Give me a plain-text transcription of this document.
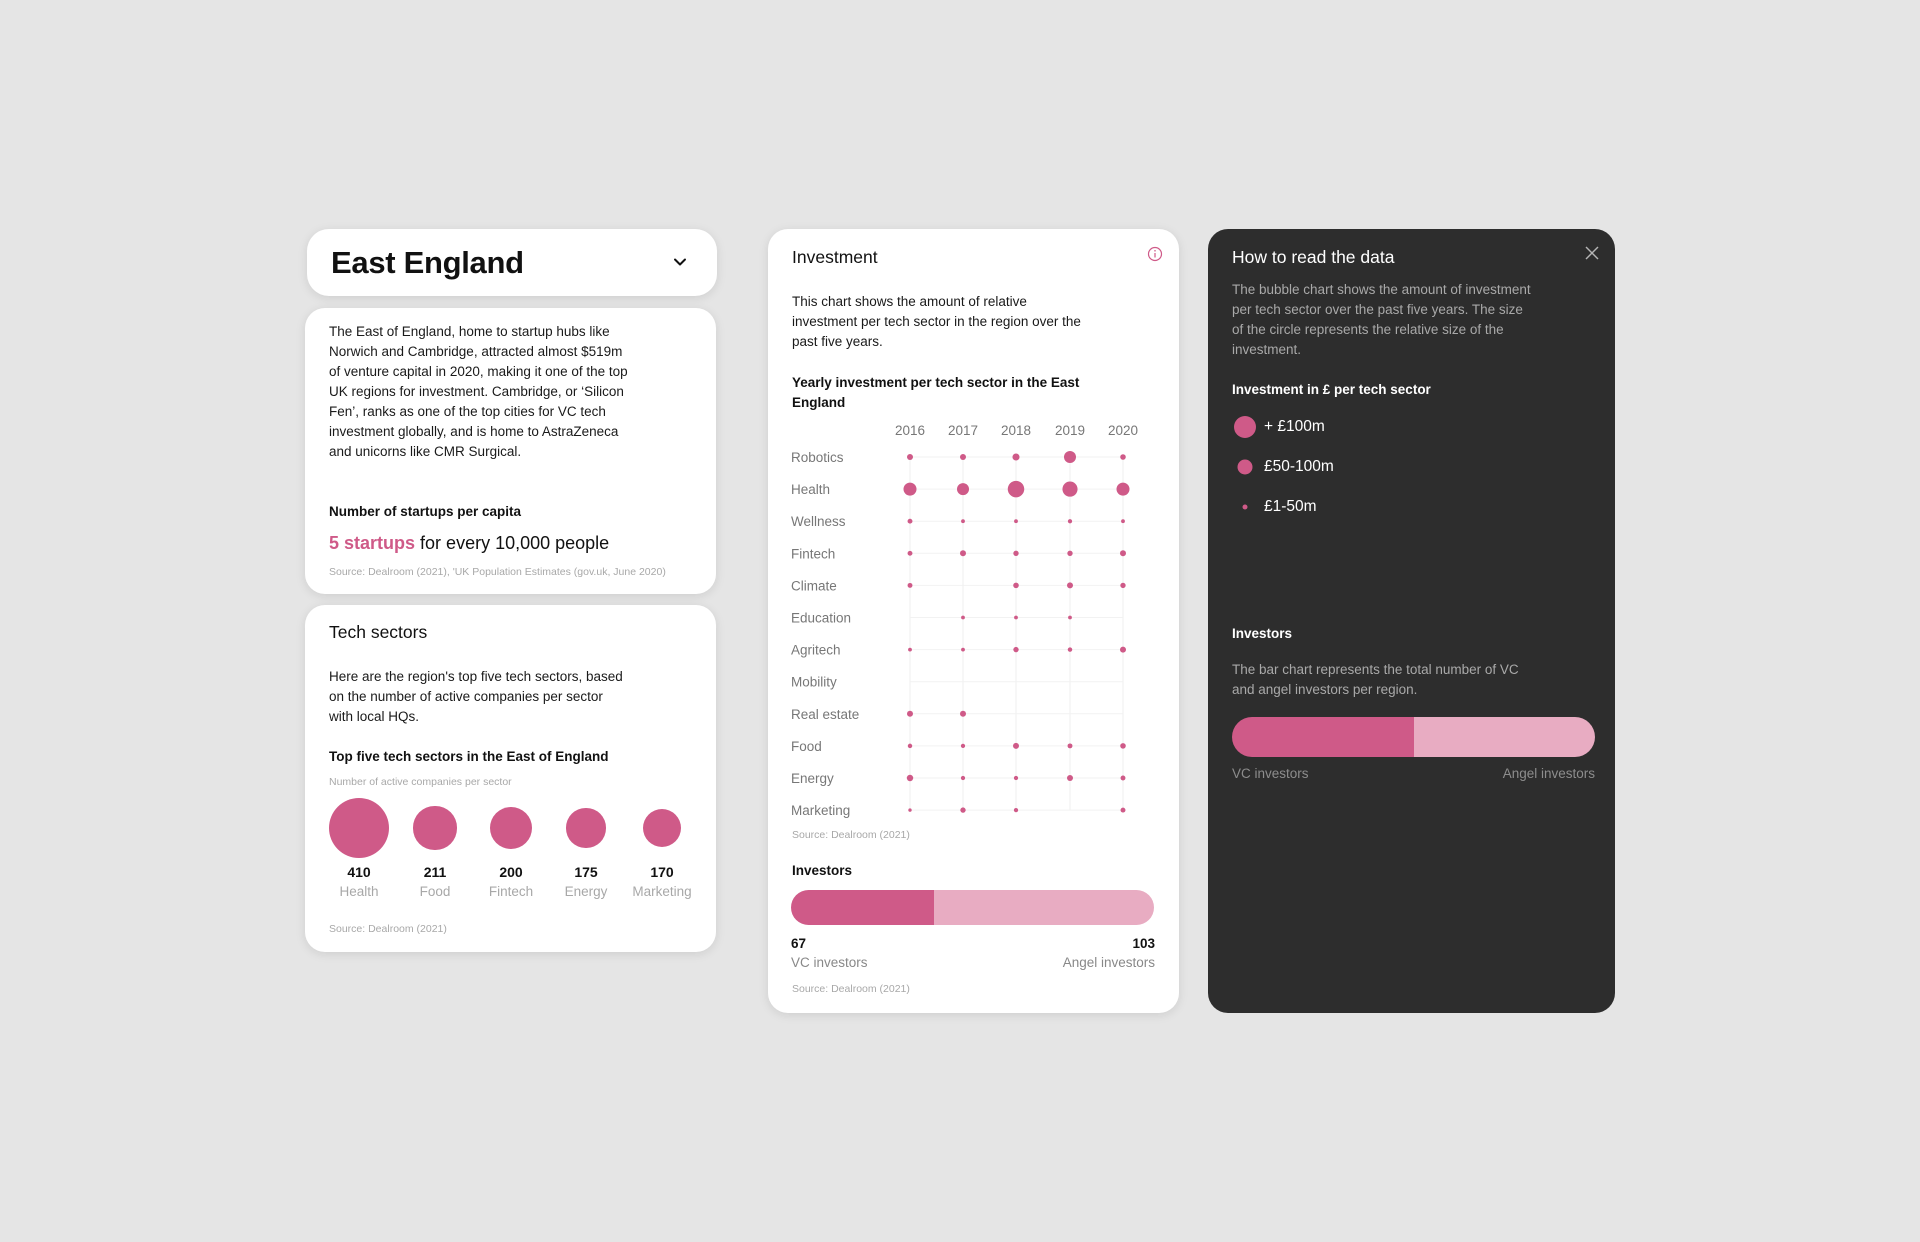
East England
The East of England, home to startup hubs like Norwich and Cambridge, attracted almost $519m of venture capital in 2020, making it one of the top UK regions for investment. Cambridge, or ‘Silicon Fen’, ranks as one of the top cities for VC tech investment globally, and is home to AstraZeneca and unicorns like CMR Surgical.
Number of startups per capita
5 startups for every 10,000 people
Source: Dealroom (2021), 'UK Population Estimates (gov.uk, June 2020)
Tech sectors
Here are the region's top five tech sectors, based on the number of active companies per sector with local HQs.
Top five tech sectors in the East of England
Number of active companies per sector
410
Health
211
Food
200
Fintech
175
Energy
170
Marketing
Source: Dealroom (2021)
Investment
This chart shows the amount of relative investment per tech sector in the region over the past five years.
Yearly investment per tech sector in the East England
2016 2017 2018 2019 2020
Robotics
Health
Wellness
Fintech
Climate
Education
Agritech
Mobility
Real estate
Food
Energy
Marketing
Source: Dealroom (2021)
Investors
67	103
VC investors	Angel investors
Source: Dealroom (2021)
How to read the data
The bubble chart shows the amount of investment per tech sector over the past five years. The size of the circle represents the relative size of the investment.
Investment in £ per tech sector
+ £100m
£50-100m
£1-50m
Investors
The bar chart represents the total number of VC and angel investors per region.
VC investors	Angel investors
